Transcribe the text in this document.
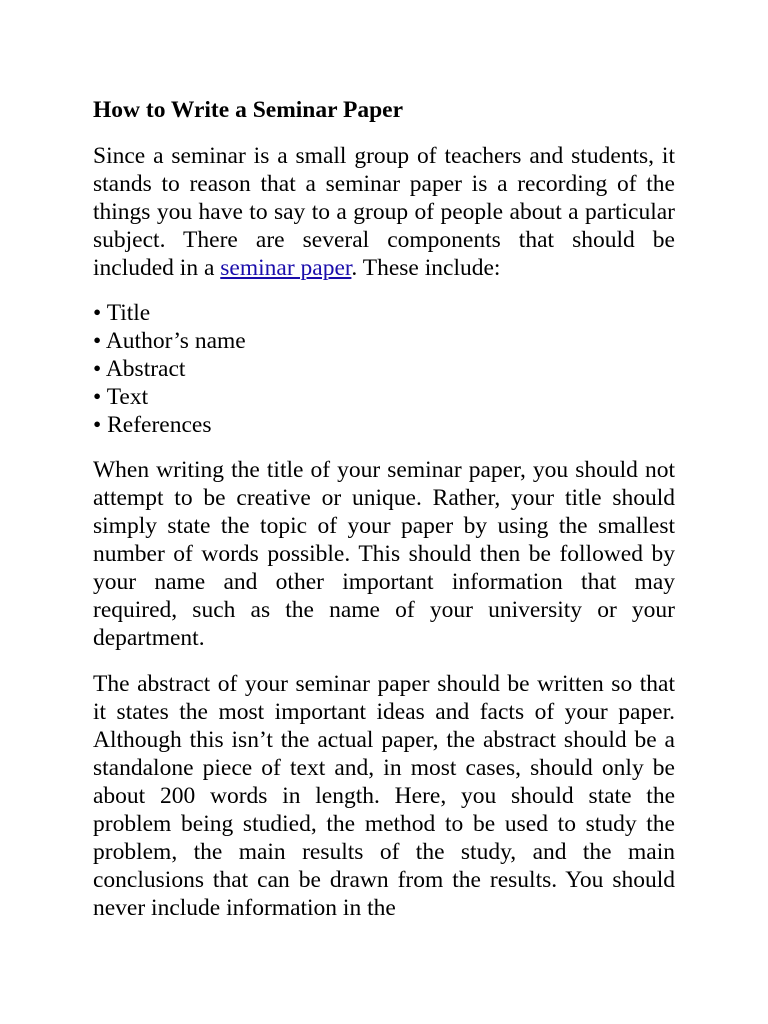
How to Write a Seminar Paper

Since a seminar is a small group of teachers and students, it stands to reason that a seminar paper is a recording of the things you have to say to a group of people about a particular subject. There are several components that should be included in a seminar paper. These include:

• Title
• Author’s name
• Abstract
• Text
• References

When writing the title of your seminar paper, you should not attempt to be creative or unique. Rather, your title should simply state the topic of your paper by using the smallest number of words possible. This should then be followed by your name and other important information that may required, such as the name of your university or your department.

The abstract of your seminar paper should be written so that it states the most important ideas and facts of your paper. Although this isn’t the actual paper, the abstract should be a standalone piece of text and, in most cases, should only be about 200 words in length. Here, you should state the problem being studied, the method to be used to study the problem, the main results of the study, and the main conclusions that can be drawn from the results. You should never include information in the
